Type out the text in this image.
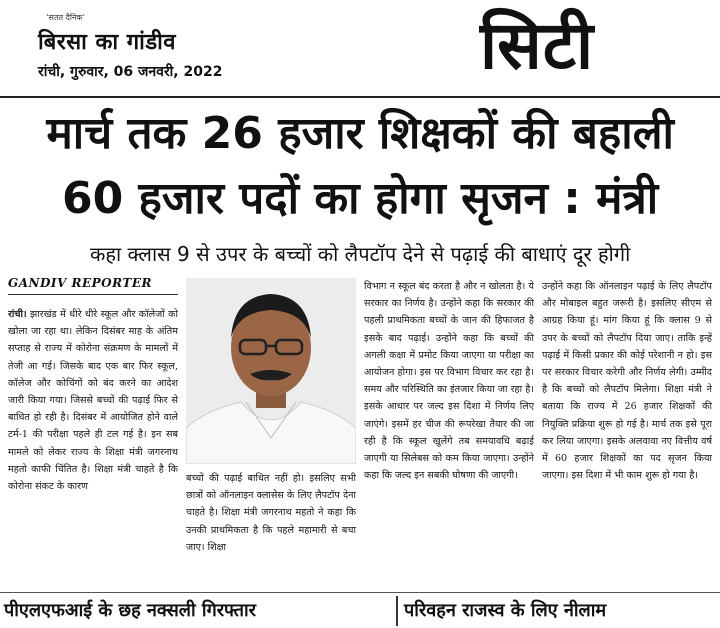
‘सतत दैनिक’
बिरसा का गांडीव
रांची, गुरुवार, 06 जनवरी, 2022	सिटी
मार्च तक 26 हजार शिक्षकों की बहाली
60 हजार पदों का होगा सृजन : मंत्री
कहा क्लास 9 से उपर के बच्चों को लैपटॉप देने से पढ़ाई की बाधाएं दूर होगी
GANDIV REPORTER
रांची। झारखंड में धीरे धीरे स्कूल और कॉलेजों को खोला जा रहा था। लेकिन दिसंबर माह के अंतिम सप्ताह से राज्य में कोरोना संक्रमण के मामलों में तेजी आ गई। जिसके बाद एक बार फिर स्कूल, कॉलेज और कोचिंगों को बंद करने का आदेश जारी किया गया। जिससे बच्चों की पढ़ाई फिर से बाधित हो रही है। दिसंबर में आयोजित होने वाले टर्म-1 की परीक्षा पहले ही टल गई है। इन सब मामले को लेकर राज्य के शिक्षा मंत्री जगरनाथ महतो काफी चिंतित है। शिक्षा मंत्री चाहते है कि कोरोना संकट के कारण
बच्चों की पढ़ाई बाधित नहीं हो। इसलिए सभी छात्रों को ऑनलाइन क्लासेस के लिए लैपटॉप देना चाहते है। शिक्षा मंत्री जगरनाथ महतो ने कहा कि उनकी प्राथमिकता है कि पहले महामारी से बचा जाए। शिक्षा
विभाग न स्कूल बंद करता है और न खोलता है। ये सरकार का निर्णय है। उन्होंने कहा कि सरकार की पहली प्राथमिकता बच्चों के जान की हिफाजत है इसके बाद पढ़ाई। उन्होंने कहा कि बच्चों की अगली कक्षा में प्रमोट किया जाएगा या परीक्षा का आयोजन होगा। इस पर विभाग विचार कर रहा है। समय और परिस्थिति का इंतजार किया जा रहा है। इसके आधार पर जल्द इस दिशा में निर्णय लिए जाएंगे। इसमें हर चीज की रूपरेखा तैयार की जा रही है कि स्कूल खुलेंगे तब समयावधि बढ़ाई जाएगी या सिलेबस को कम किया जाएगा। उन्होंने कहा कि जल्द इन सबकी घोषणा की जाएगी।
उन्होंने कहा कि ऑनलाइन पढ़ाई के लिए लैपटॉप और मोबाइल बहुत जरूरी है। इसलिए सीएम से आग्रह किया हूं। मांग किया हूं कि क्लास 9 से उपर के बच्चों को लैपटॉप दिया जाए। ताकि इन्हें पढ़ाई में किसी प्रकार की कोई परेशानी न हो। इस पर सरकार विचार करेगी और निर्णय लेगी। उम्मीद है कि बच्चों को लैपटॉप मिलेगा। शिक्षा मंत्री ने बताया कि राज्य में 26 हजार शिक्षकों की नियुक्ति प्रक्रिया शुरू हो गई है। मार्च तक इसे पूरा कर लिया जाएगा। इसके अलवावा नए वित्तीय वर्ष में 60 हजार शिक्षकों का पद सृजन किया जाएगा। इस दिशा में भी काम शुरू हो गया है।
पीएलएफआई के छह नक्सली गिरफ्तार	परिवहन राजस्व के लिए नीलाम
